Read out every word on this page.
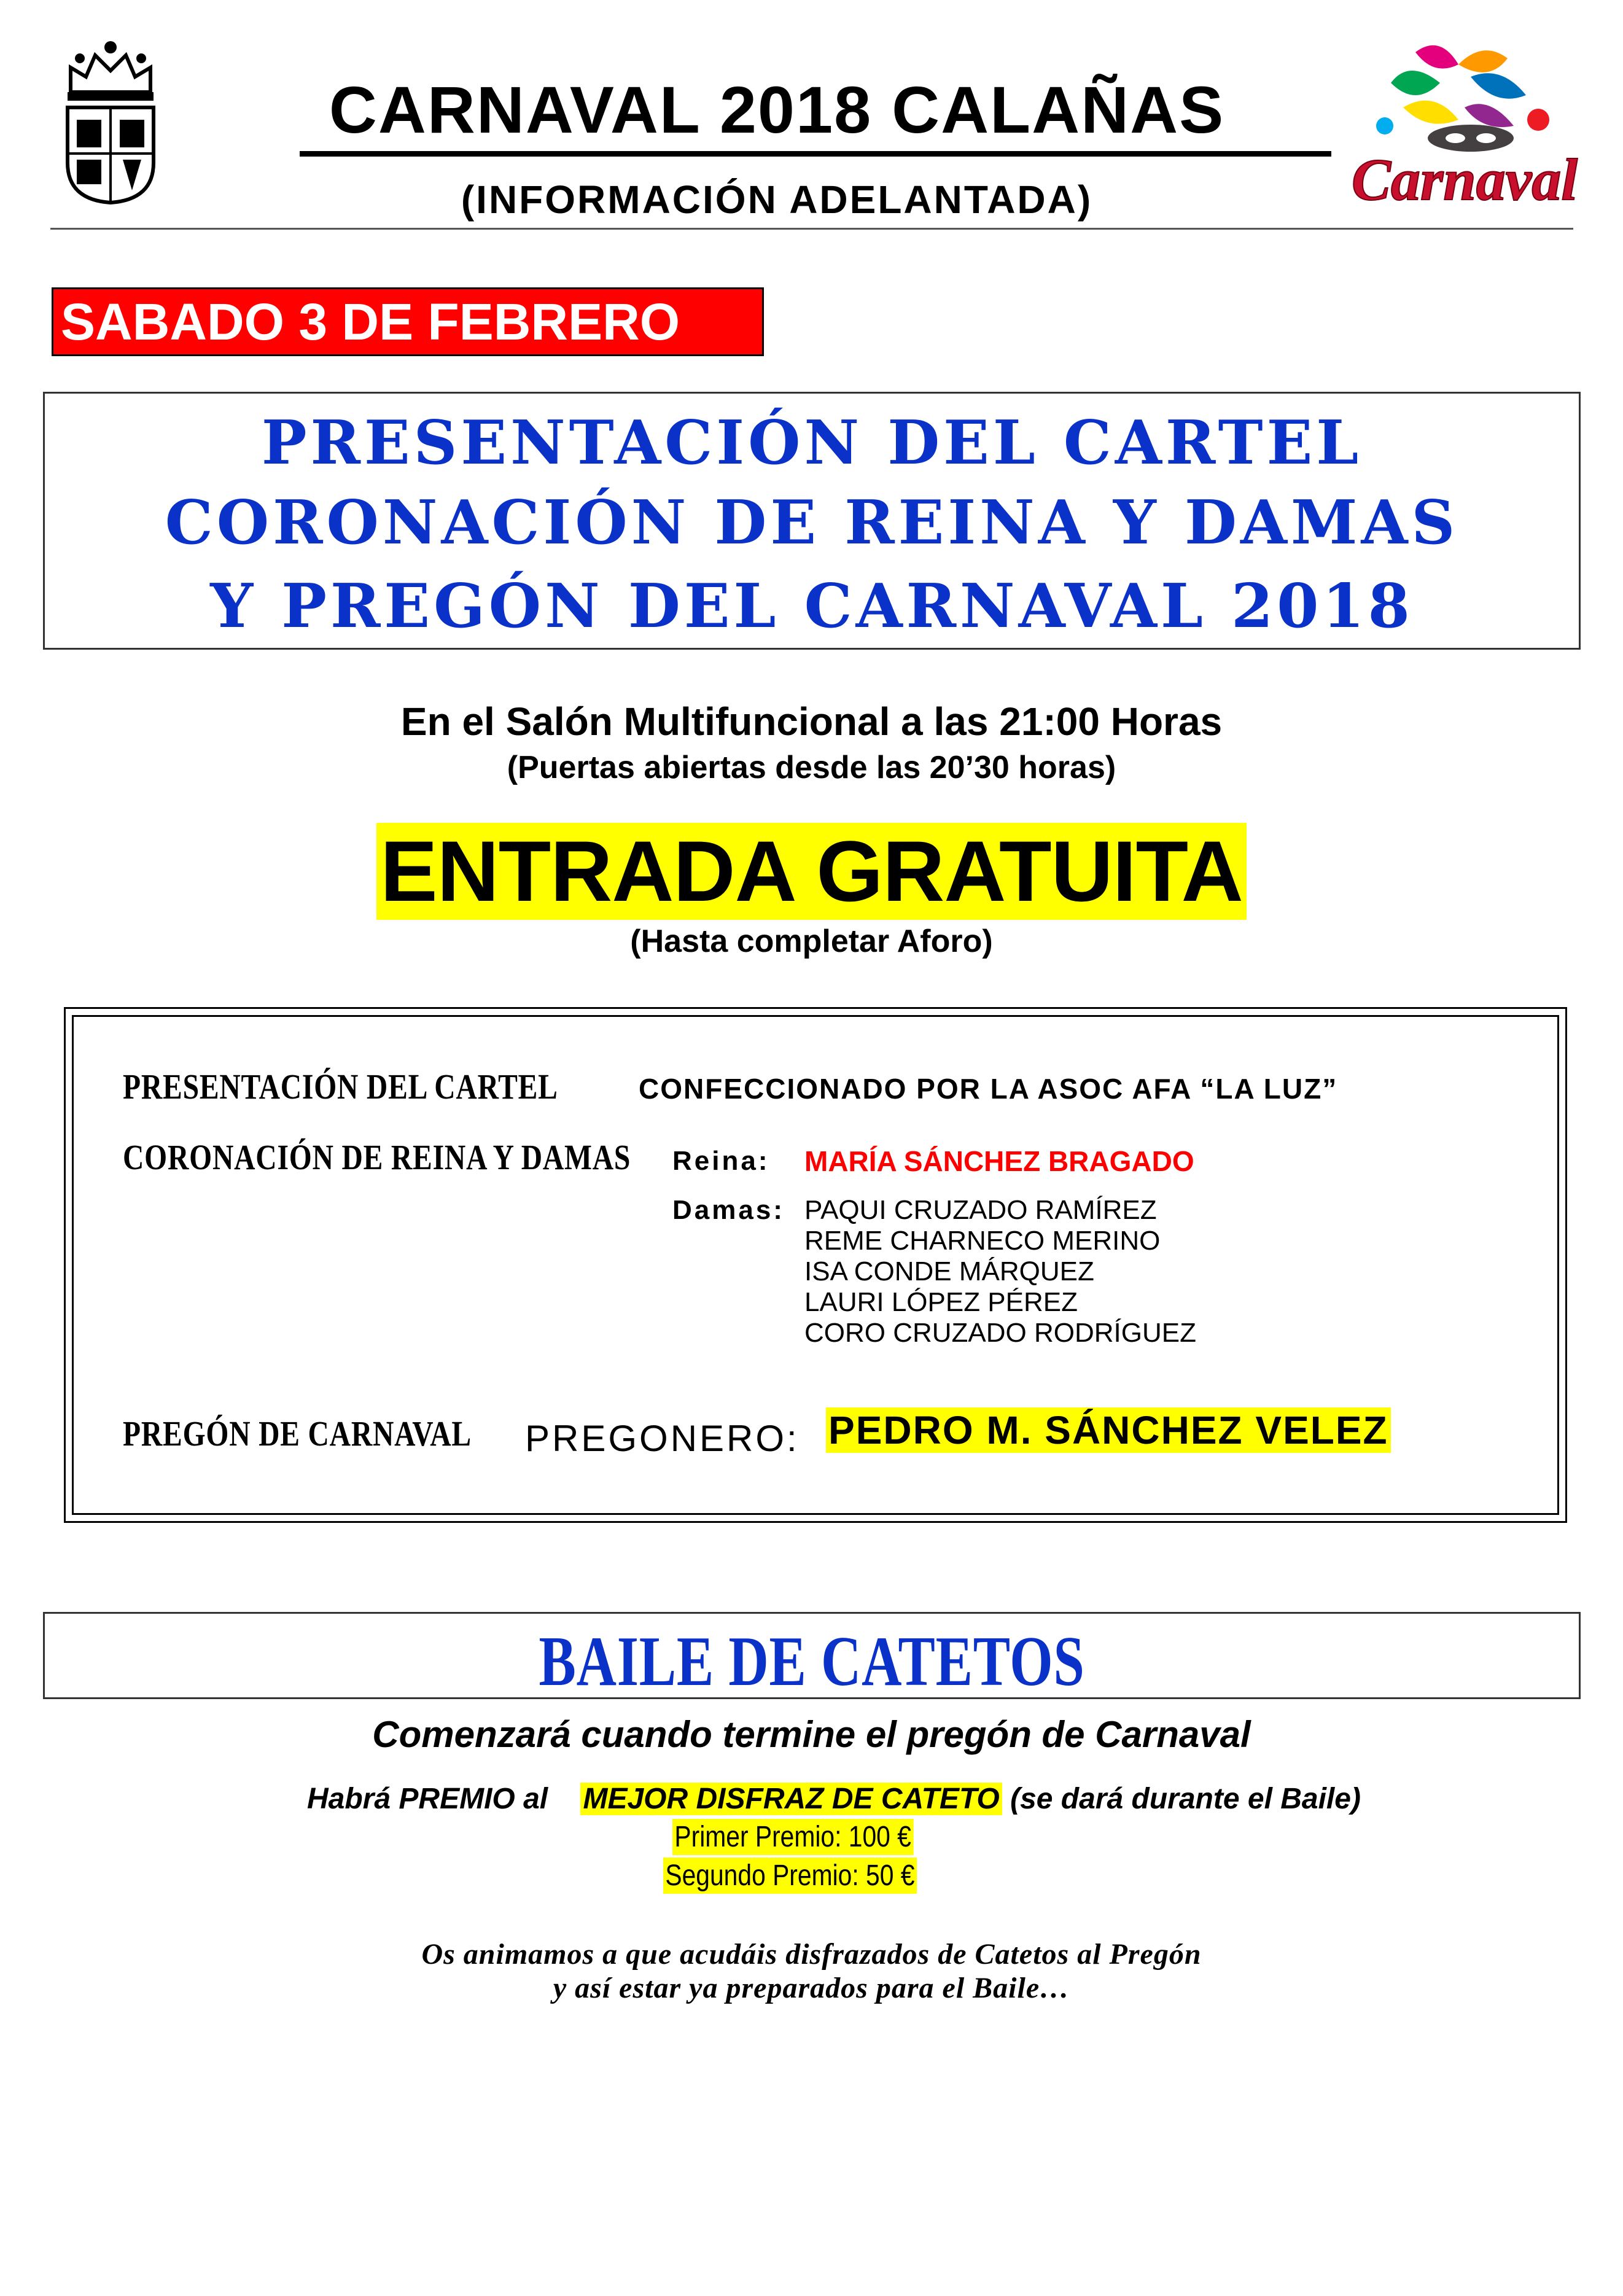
CARNAVAL 2018 CALAÑAS
(INFORMACIÓN ADELANTADA)	Carnaval
SABADO 3 DE FEBRERO
PRESENTACIÓN DEL CARTEL
CORONACIÓN DE REINA Y DAMAS
Y PREGÓN DEL CARNAVAL 2018
En el Salón Multifuncional a las 21:00 Horas
(Puertas abiertas desde las 20’30 horas)
ENTRADA GRATUITA
(Hasta completar Aforo)
PRESENTACIÓN DEL CARTEL	CONFECCIONADO POR LA ASOC AFA “LA LUZ”
CORONACIÓN DE REINA Y DAMAS Reina: MARÍA SÁNCHEZ BRAGADO
Damas: PAQUI CRUZADO RAMÍREZ
REME CHARNECO MERINO
ISA CONDE MÁRQUEZ
LAURI LÓPEZ PÉREZ
CORO CRUZADO RODRÍGUEZ
PREGÓN DE CARNAVAL PREGONERO: PEDRO M. SÁNCHEZ VELEZ
BAILE DE CATETOS
Comenzará cuando termine el pregón de Carnaval
Habrá PREMIO al MEJOR DISFRAZ DE CATETO (se dará durante el Baile)
Primer Premio: 100 €
Segundo Premio: 50 €
Os animamos a que acudáis disfrazados de Catetos al Pregón
y así estar ya preparados para el Baile…
